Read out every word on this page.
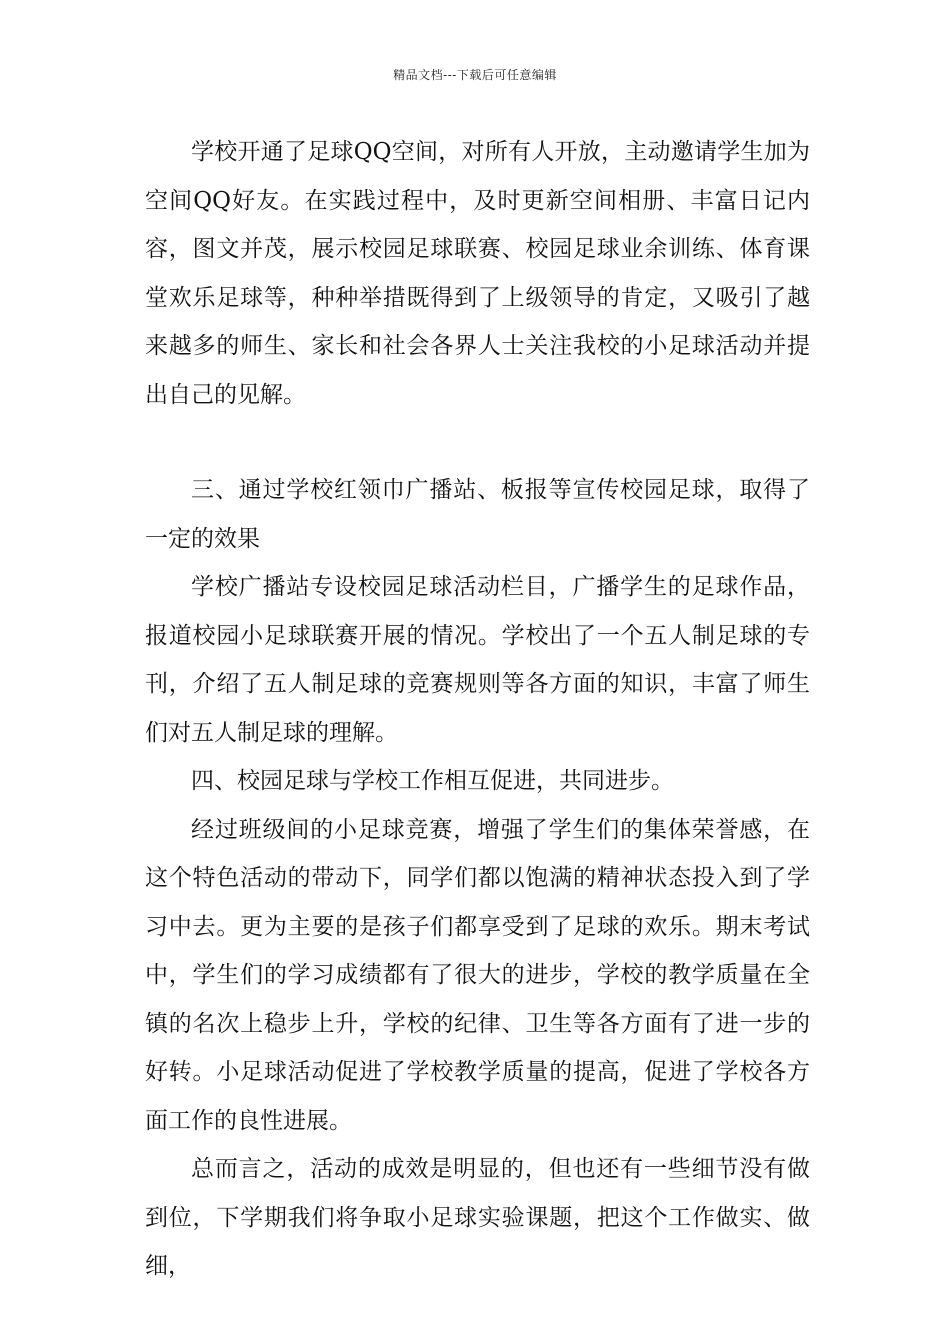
精品文档---下载后可任意编辑

学校开通了足球QQ空间，对所有人开放，主动邀请学生加为空间QQ好友。在实践过程中，及时更新空间相册、丰富日记内容，图文并茂，展示校园足球联赛、校园足球业余训练、体育课堂欢乐足球等，种种举措既得到了上级领导的肯定，又吸引了越来越多的师生、家长和社会各界人士关注我校的小足球活动并提出自己的见解。

三、通过学校红领巾广播站、板报等宣传校园足球，取得了一定的效果

学校广播站专设校园足球活动栏目，广播学生的足球作品，报道校园小足球联赛开展的情况。学校出了一个五人制足球的专刊，介绍了五人制足球的竞赛规则等各方面的知识，丰富了师生们对五人制足球的理解。

四、校园足球与学校工作相互促进，共同进步。

经过班级间的小足球竞赛，增强了学生们的集体荣誉感，在这个特色活动的带动下，同学们都以饱满的精神状态投入到了学习中去。更为主要的是孩子们都享受到了足球的欢乐。期末考试中，学生们的学习成绩都有了很大的进步，学校的教学质量在全镇的名次上稳步上升，学校的纪律、卫生等各方面有了进一步的好转。小足球活动促进了学校教学质量的提高，促进了学校各方面工作的良性进展。

总而言之，活动的成效是明显的，但也还有一些细节没有做到位，下学期我们将争取小足球实验课题，把这个工作做实、做细，
